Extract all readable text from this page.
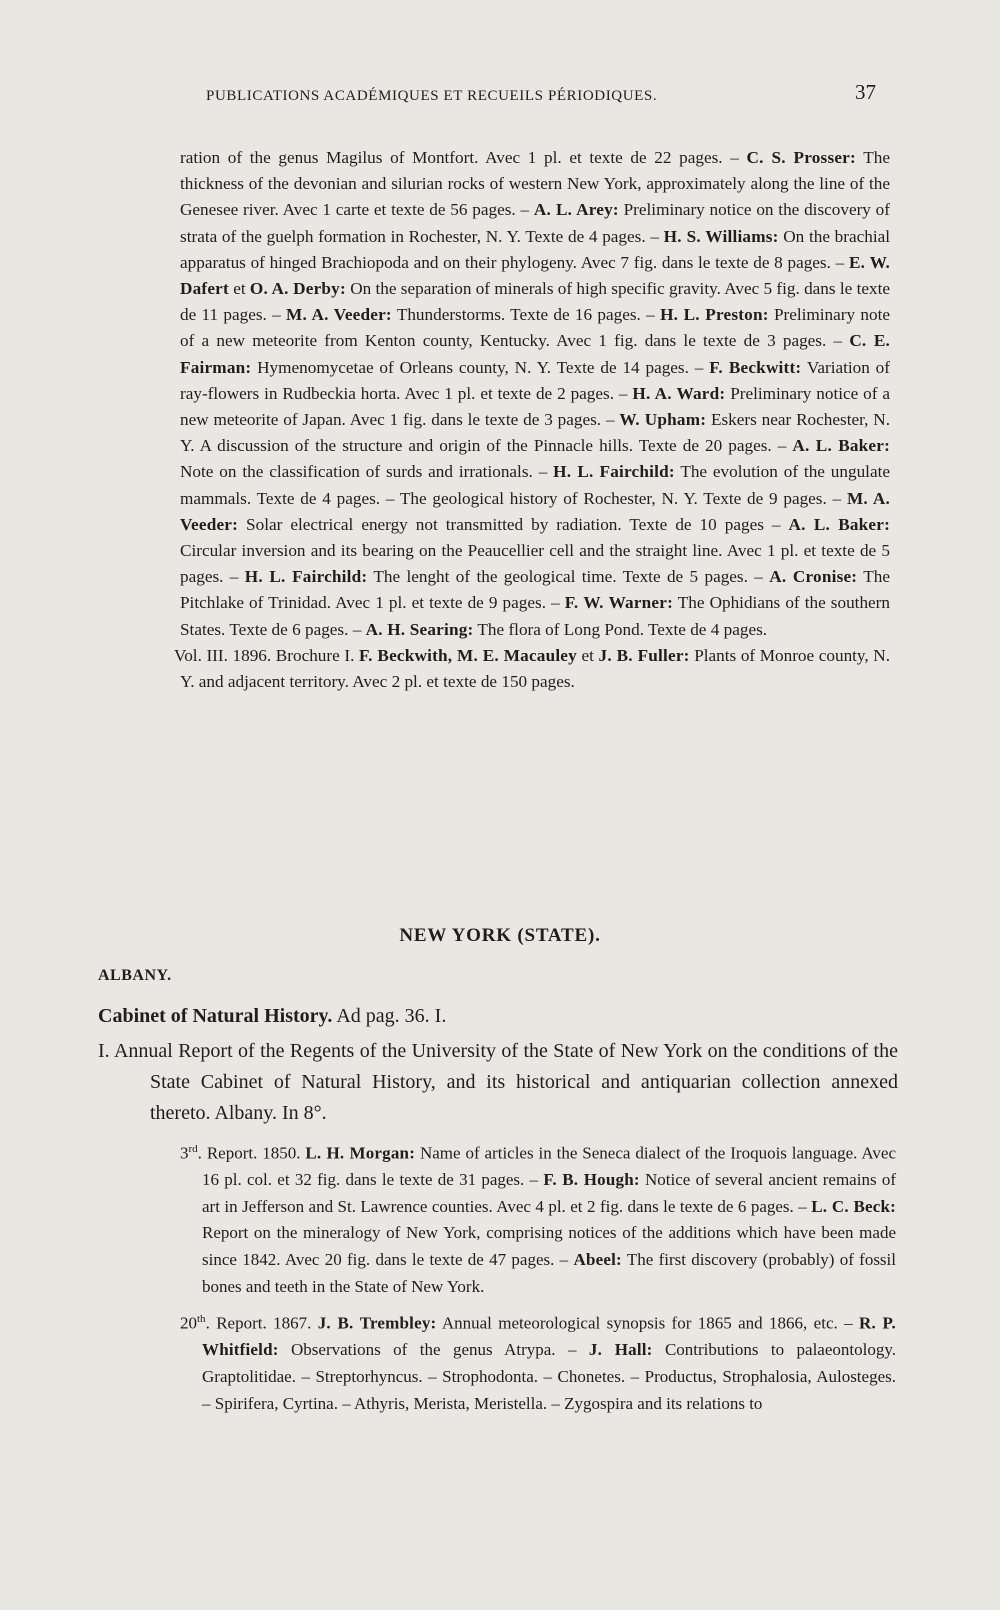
PUBLICATIONS ACADÉMIQUES ET RECUEILS PÉRIODIQUES.	37

ration of the genus Magilus of Montfort. Avec 1 pl. et texte de 22 pages. – C. S. Prosser: The thickness of the devonian and silurian rocks of western New York, approximately along the line of the Genesee river. Avec 1 carte et texte de 56 pages. – A. L. Arey: Preliminary notice on the discovery of strata of the guelph formation in Rochester, N. Y. Texte de 4 pages. – H. S. Williams: On the brachial apparatus of hinged Brachiopoda and on their phylogeny. Avec 7 fig. dans le texte de 8 pages. – E. W. Dafert et O. A. Derby: On the separation of minerals of high specific gravity. Avec 5 fig. dans le texte de 11 pages. – M. A. Veeder: Thunderstorms. Texte de 16 pages. – H. L. Preston: Preliminary note of a new meteorite from Kenton county, Kentucky. Avec 1 fig. dans le texte de 3 pages. – C. E. Fairman: Hymenomycetae of Orleans county, N. Y. Texte de 14 pages. – F. Beckwitt: Variation of ray-flowers in Rudbeckia horta. Avec 1 pl. et texte de 2 pages. – H. A. Ward: Preliminary notice of a new meteorite of Japan. Avec 1 fig. dans le texte de 3 pages. – W. Upham: Eskers near Rochester, N. Y. A discussion of the structure and origin of the Pinnacle hills. Texte de 20 pages. – A. L. Baker: Note on the classification of surds and irrationals. – H. L. Fairchild: The evolution of the ungulate mammals. Texte de 4 pages. – The geological history of Rochester, N. Y. Texte de 9 pages. – M. A. Veeder: Solar electrical energy not transmitted by radiation. Texte de 10 pages – A. L. Baker: Circular inversion and its bearing on the Peaucellier cell and the straight line. Avec 1 pl. et texte de 5 pages. – H. L. Fairchild: The lenght of the geological time. Texte de 5 pages. – A. Cronise: The Pitchlake of Trinidad. Avec 1 pl. et texte de 9 pages. – F. W. Warner: The Ophidians of the southern States. Texte de 6 pages. – A. H. Searing: The flora of Long Pond. Texte de 4 pages.

Vol. III. 1896. Brochure I. F. Beckwith, M. E. Macauley et J. B. Fuller: Plants of Monroe county, N. Y. and adjacent territory. Avec 2 pl. et texte de 150 pages.

NEW YORK (STATE).
ALBANY.
Cabinet of Natural History. Ad pag. 36. I.

I. Annual Report of the Regents of the University of the State of New York on the conditions of the State Cabinet of Natural History, and its historical and antiquarian collection annexed thereto. Albany. In 8°.

3rd. Report. 1850. L. H. Morgan: Name of articles in the Seneca dialect of the Iroquois language. Avec 16 pl. col. et 32 fig. dans le texte de 31 pages. – F. B. Hough: Notice of several ancient remains of art in Jefferson and St. Lawrence counties. Avec 4 pl. et 2 fig. dans le texte de 6 pages. – L. C. Beck: Report on the mineralogy of New York, comprising notices of the additions which have been made since 1842. Avec 20 fig. dans le texte de 47 pages. – Abeel: The first discovery (probably) of fossil bones and teeth in the State of New York.

20th. Report. 1867. J. B. Trembley: Annual meteorological synopsis for 1865 and 1866, etc. – R. P. Whitfield: Observations of the genus Atrypa. – J. Hall: Contributions to palaeontology. Graptolitidae. – Streptorhyncus. – Strophodonta. – Chonetes. – Productus, Strophalosia, Aulosteges. – Spirifera, Cyrtina. – Athyris, Merista, Meristella. – Zygospira and its relations to
